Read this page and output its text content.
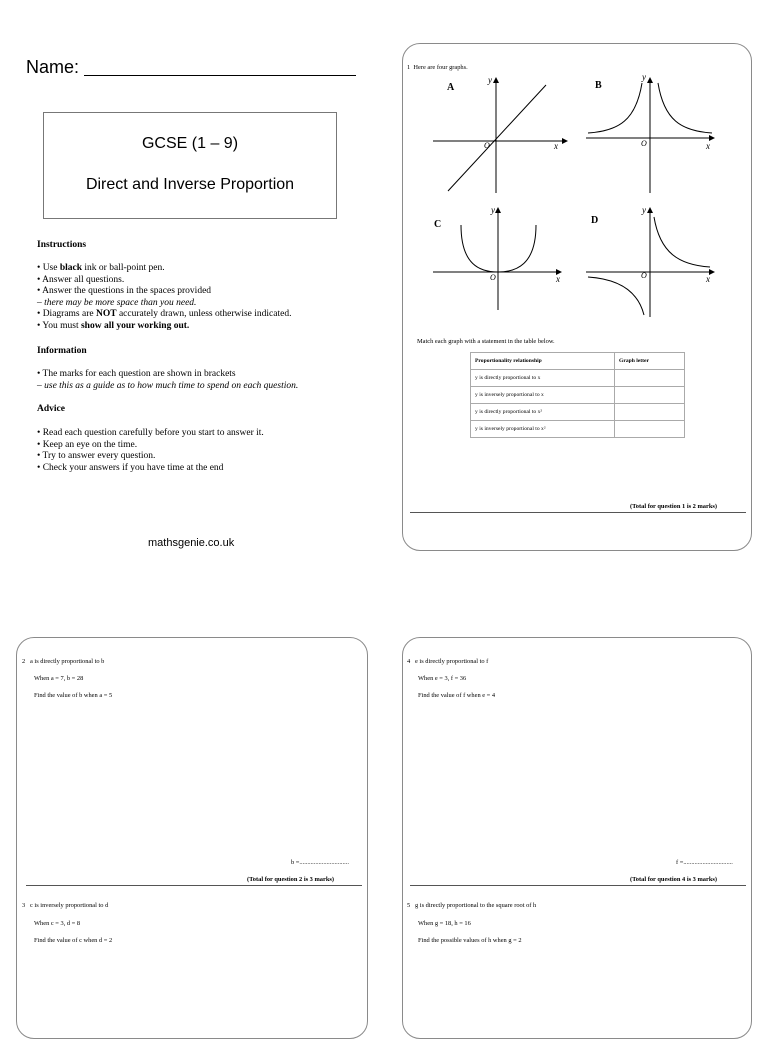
Name:
GCSE (1 – 9)
Direct and Inverse Proportion
Instructions

• Use black ink or ball-point pen.

• Answer all questions.

• Answer the questions in the spaces provided

– there may be more space than you need.

• Diagrams are NOT accurately drawn, unless otherwise indicated.

• You must show all your working out.

Information

• The marks for each question are shown in brackets

– use this as a guide as to how much time to spend on each question.

Advice

• Read each question carefully before you start to answer it.

• Keep an eye on the time.

• Try to answer every question.

• Check your answers if you have time at the end

mathsgenie.co.uk
1 Here are four graphs.
A
y
x
O
B
y
x
O
C
y
x
O
D
y
x
O
Match each graph with a statement in the table below.
Proportionality relationship	Graph letter
y is directly proportional to x	
y is inversely proportional to x	
y is directly proportional to x²	
y is inversely proportional to x²	
(Total for question 1 is 2 marks)
2 a is directly proportional to b
When a = 7, b = 28
Find the value of b when a = 5
b =...............................
(Total for question 2 is 3 marks)
3 c is inversely proportional to d
When c = 3, d = 8
Find the value of c when d = 2
4 e is directly proportional to f
When e = 3, f = 36
Find the value of f when e = 4
f =...............................
(Total for question 4 is 3 marks)
5 g is directly proportional to the square root of h
When g = 18, h = 16
Find the possible values of h when g = 2
